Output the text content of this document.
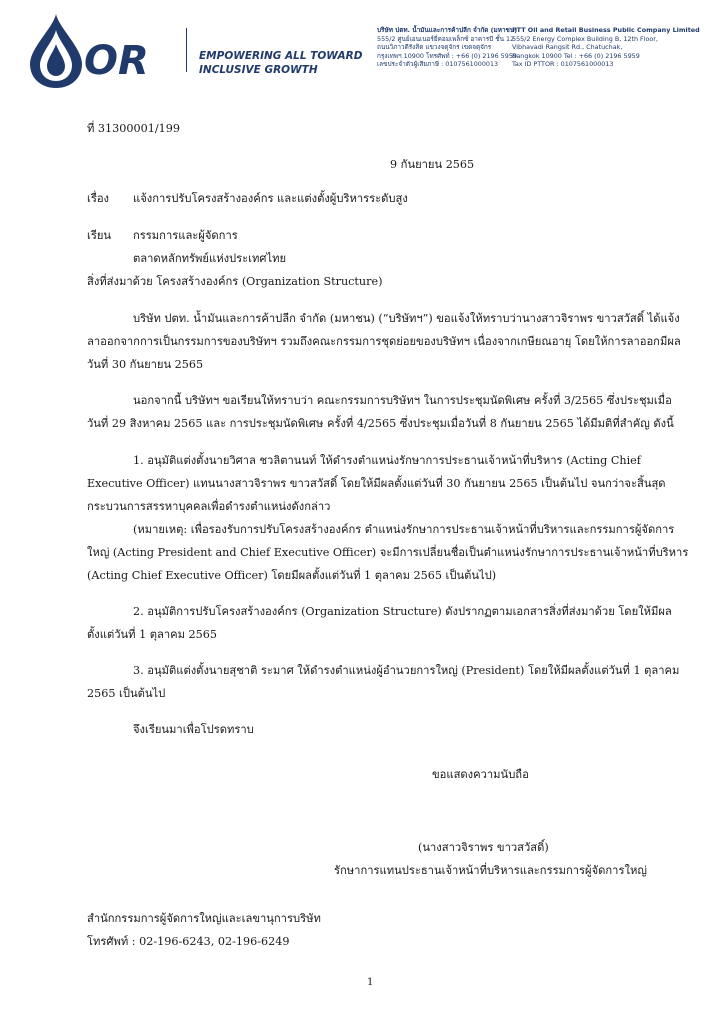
OR	EMPOWERING ALL TOWARD
INCLUSIVE GROWTH
บริษัท ปตท. น้ำมันและการค้าปลีก จำกัด (มหาชน)
555/2 ศูนย์เอนเนอร์ยี่คอมเพล็กซ์ อาคารบี ชั้น 12
ถนนวิภาวดีรังสิต แขวงจตุจักร เขตจตุจักร
กรุงเทพฯ 10900 โทรศัพท์ : +66 (0) 2196 5959
เลขประจำตัวผู้เสียภาษี : 0107561000013
PTT Oil and Retail Business Public Company Limited
555/2 Energy Complex Building B, 12th Floor,
Vibhavadi Rangsit Rd., Chatuchak,
Bangkok 10900 Tel : +66 (0) 2196 5959
Tax ID PTTOR : 0107561000013
ที่ 31300001/199
9 กันยายน 2565
เรื่อง แจ้งการปรับโครงสร้างองค์กร และแต่งตั้งผู้บริหารระดับสูง
เรียน กรรมการและผู้จัดการ
ตลาดหลักทรัพย์แห่งประเทศไทย
สิ่งที่ส่งมาด้วย โครงสร้างองค์กร (Organization Structure)
บริษัท ปตท. น้ำมันและการค้าปลีก จำกัด (มหาชน) (“บริษัทฯ”) ขอแจ้งให้ทราบว่านางสาวจิราพร ขาวสวัสดิ์ ได้แจ้ง
ลาออกจากการเป็นกรรมการของบริษัทฯ รวมถึงคณะกรรมการชุดย่อยของบริษัทฯ เนื่องจากเกษียณอายุ โดยให้การลาออกมีผล
วันที่ 30 กันยายน 2565
นอกจากนี้ บริษัทฯ ขอเรียนให้ทราบว่า คณะกรรมการบริษัทฯ ในการประชุมนัดพิเศษ ครั้งที่ 3/2565 ซึ่งประชุมเมื่อ
วันที่ 29 สิงหาคม 2565 และ การประชุมนัดพิเศษ ครั้งที่ 4/2565 ซึ่งประชุมเมื่อวันที่ 8 กันยายน 2565 ได้มีมติที่สำคัญ ดังนี้
1. อนุมัติแต่งตั้งนายวิศาล ชวลิตานนท์ ให้ดำรงตำแหน่งรักษาการประธานเจ้าหน้าที่บริหาร (Acting Chief
Executive Officer) แทนนางสาวจิราพร ขาวสวัสดิ์ โดยให้มีผลตั้งแต่วันที่ 30 กันยายน 2565 เป็นต้นไป จนกว่าจะสิ้นสุด
กระบวนการสรรหาบุคคลเพื่อดำรงตำแหน่งดังกล่าว
(หมายเหตุ: เพื่อรองรับการปรับโครงสร้างองค์กร ตำแหน่งรักษาการประธานเจ้าหน้าที่บริหารและกรรมการผู้จัดการ
ใหญ่ (Acting President and Chief Executive Officer) จะมีการเปลี่ยนชื่อเป็นตำแหน่งรักษาการประธานเจ้าหน้าที่บริหาร
(Acting Chief Executive Officer) โดยมีผลตั้งแต่วันที่ 1 ตุลาคม 2565 เป็นต้นไป)
2. อนุมัติการปรับโครงสร้างองค์กร (Organization Structure) ดังปรากฏตามเอกสารสิ่งที่ส่งมาด้วย โดยให้มีผล
ตั้งแต่วันที่ 1 ตุลาคม 2565
3. อนุมัติแต่งตั้งนายสุชาติ ระมาศ ให้ดำรงตำแหน่งผู้อำนวยการใหญ่ (President) โดยให้มีผลตั้งแต่วันที่ 1 ตุลาคม
2565 เป็นต้นไป
จึงเรียนมาเพื่อโปรดทราบ
ขอแสดงความนับถือ
(นางสาวจิราพร ขาวสวัสดิ์)
รักษาการแทนประธานเจ้าหน้าที่บริหารและกรรมการผู้จัดการใหญ่
สำนักกรรมการผู้จัดการใหญ่และเลขานุการบริษัท
โทรศัพท์ : 02-196-6243, 02-196-6249
1
